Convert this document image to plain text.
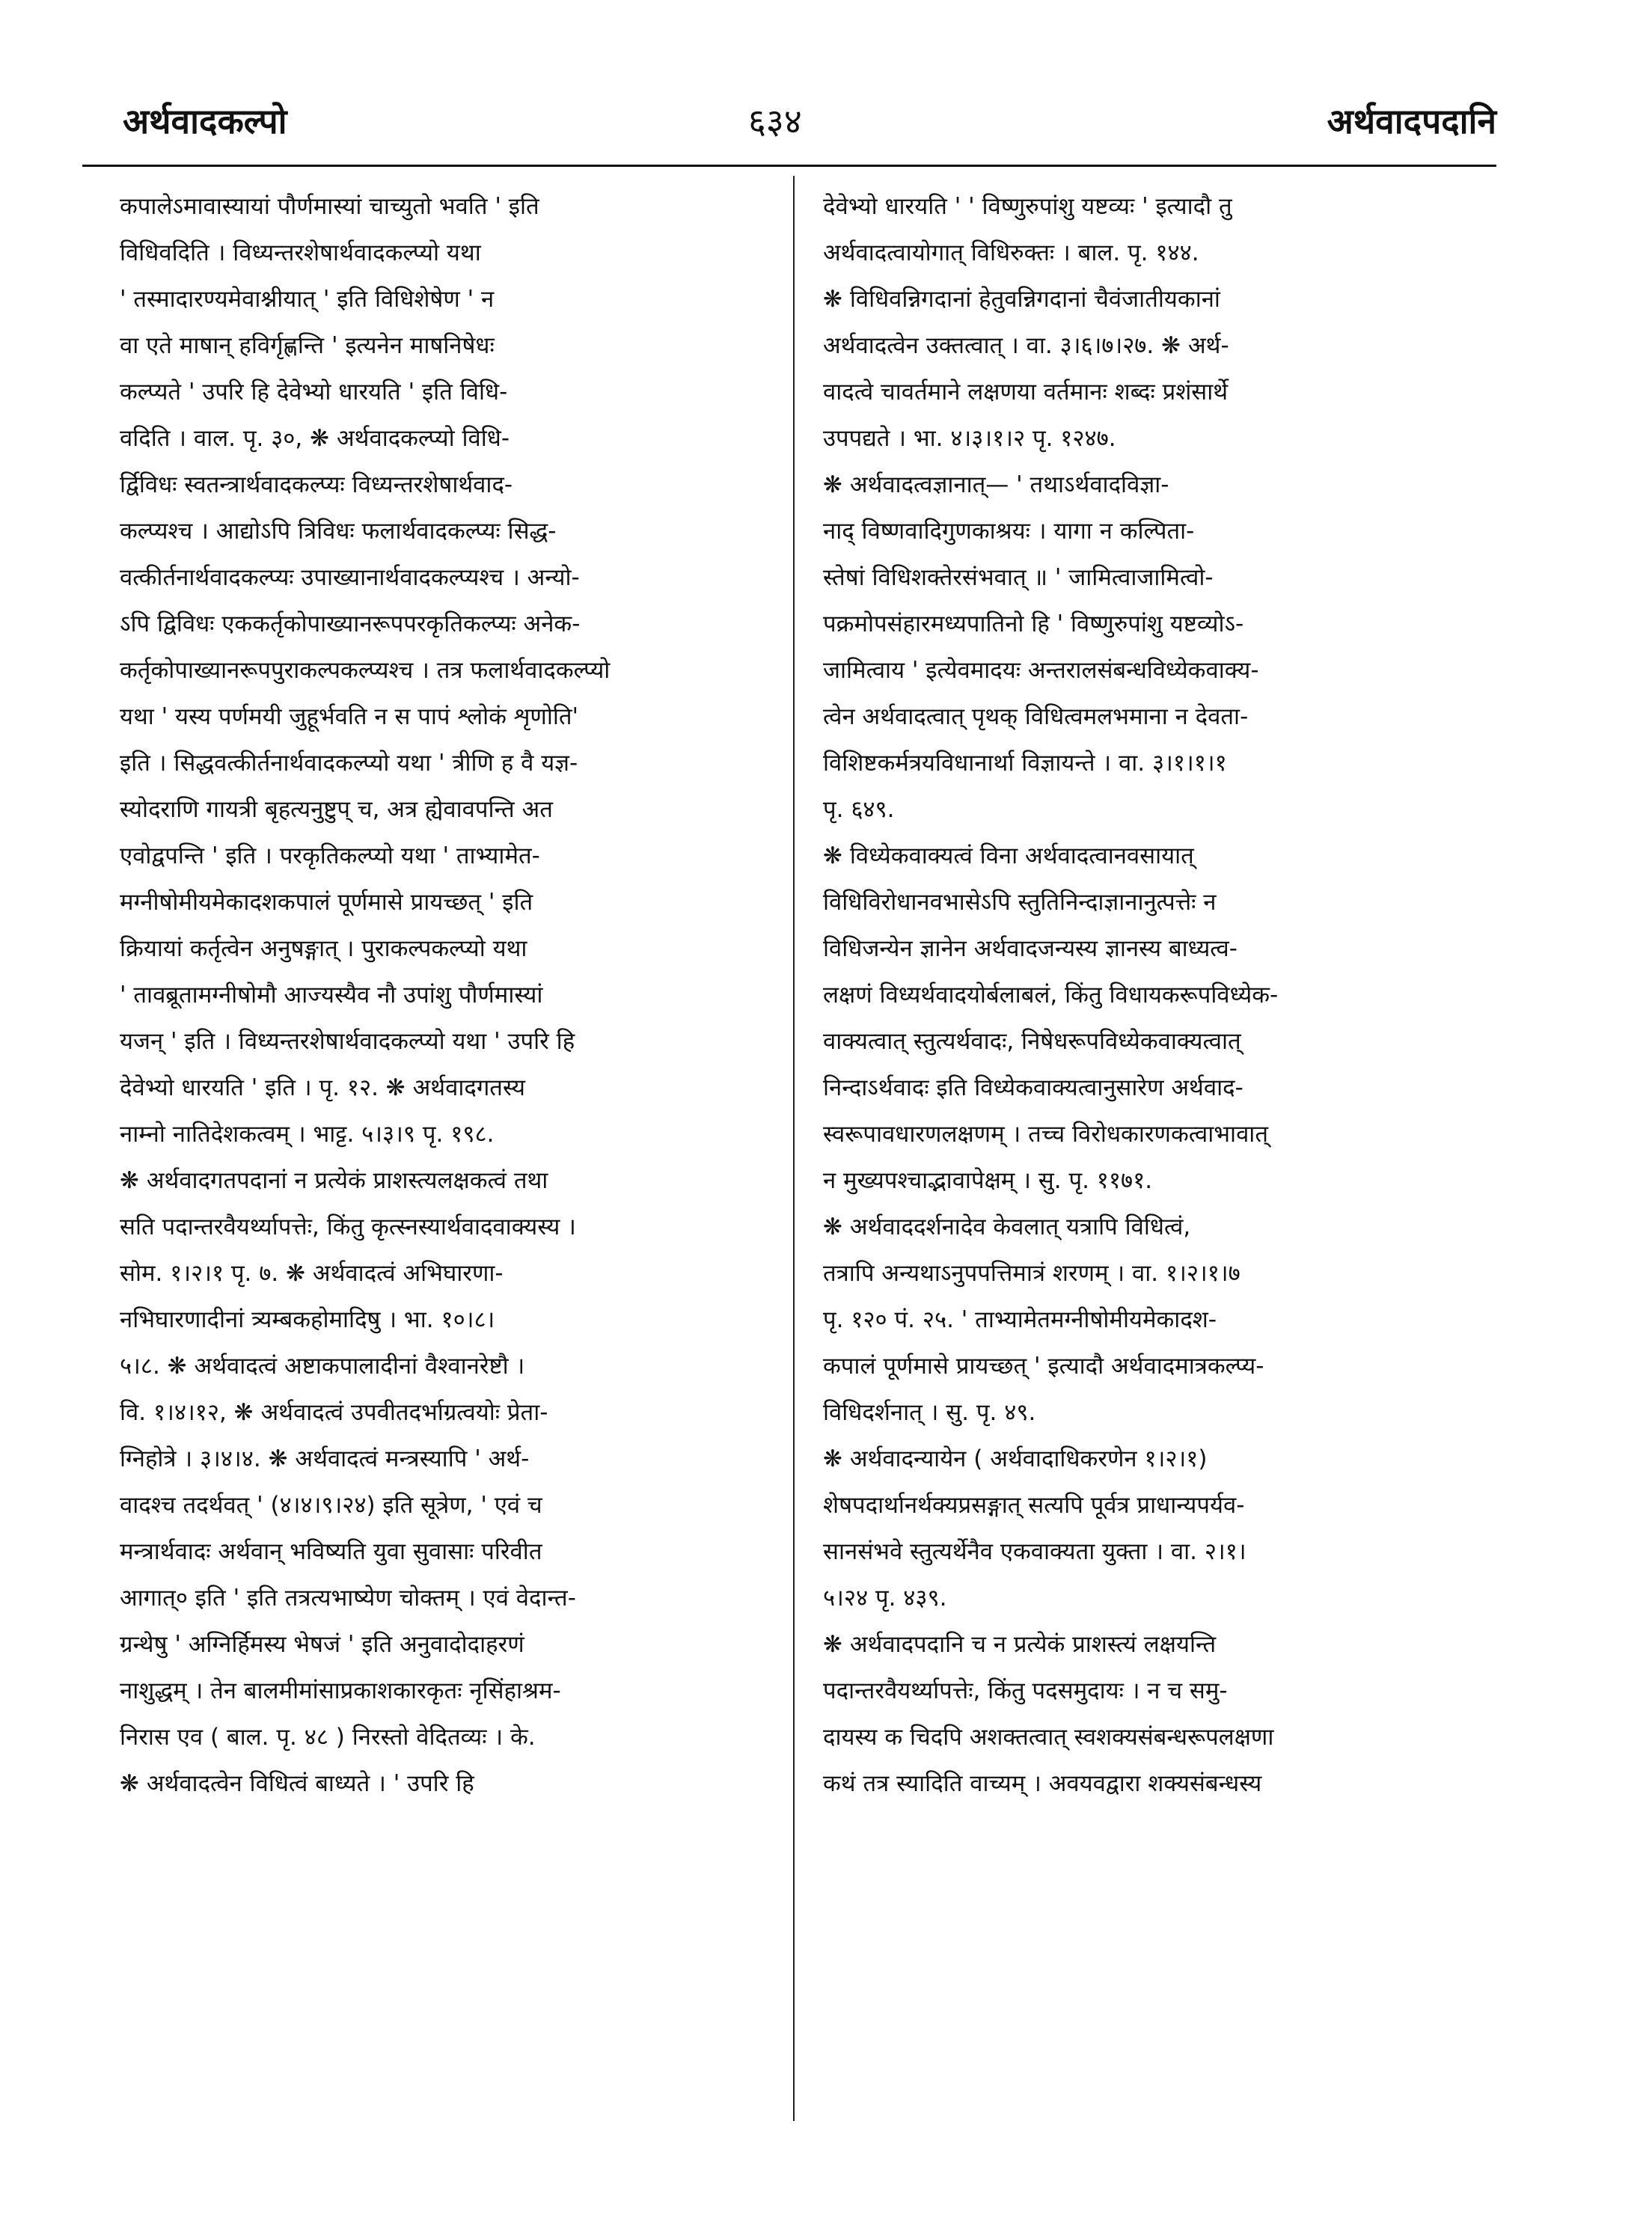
अर्थवादकल्पो	६३४	अर्थवादपदानि
कपालेऽमावास्यायां पौर्णमास्यां चाच्युतो भवति ' इति
विधिवदिति । विध्यन्तरशेषार्थवादकल्प्यो यथा
' तस्मादारण्यमेवाश्नीयात् ' इति विधिशेषेण ' न
वा एते माषान् हविर्गृह्णन्ति ' इत्यनेन माषनिषेधः
कल्प्यते ' उपरि हि देवेभ्यो धारयति ' इति विधि-
वदिति । वाल. पृ. ३०, ❋ अर्थवादकल्प्यो विधि-
र्द्विविधः स्वतन्त्रार्थवादकल्प्यः विध्यन्तरशेषार्थवाद-
कल्प्यश्च । आद्योऽपि त्रिविधः फलार्थवादकल्प्यः सिद्ध-
वत्कीर्तनार्थवादकल्प्यः उपाख्यानार्थवादकल्प्यश्च । अन्यो-
ऽपि द्विविधः एककर्तृकोपाख्यानरूपपरकृतिकल्प्यः अनेक-
कर्तृकोपाख्यानरूपपुराकल्पकल्प्यश्च । तत्र फलार्थवादकल्प्यो
यथा ' यस्य पर्णमयी जुहूर्भवति न स पापं श्लोकं शृणोति'
इति । सिद्धवत्कीर्तनार्थवादकल्प्यो यथा ' त्रीणि ह वै यज्ञ-
स्योदराणि गायत्री बृहत्यनुष्टुप् च, अत्र ह्येवावपन्ति अत
एवोद्वपन्ति ' इति । परकृतिकल्प्यो यथा ' ताभ्यामेत-
मग्नीषोमीयमेकादशकपालं पूर्णमासे प्रायच्छत् ' इति
क्रियायां कर्तृत्वेन अनुषङ्गात् । पुराकल्पकल्प्यो यथा
' तावब्रूतामग्नीषोमौ आज्यस्यैव नौ उपांशु पौर्णमास्यां
यजन् ' इति । विध्यन्तरशेषार्थवादकल्प्यो यथा ' उपरि हि
देवेभ्यो धारयति ' इति । पृ. १२. ❋ अर्थवादगतस्य
नाम्नो नातिदेशकत्वम् । भाट्ट. ५।३।९ पृ. १९८.
❋ अर्थवादगतपदानां न प्रत्येकं प्राशस्त्यलक्षकत्वं तथा
सति पदान्तरवैयर्थ्यापत्तेः, किंतु कृत्स्नस्यार्थवादवाक्यस्य ।
सोम. १।२।१ पृ. ७. ❋ अर्थवादत्वं अभिघारणा-
नभिघारणादीनां त्र्यम्बकहोमादिषु । भा. १०।८।
५।८. ❋ अर्थवादत्वं अष्टाकपालादीनां वैश्वानरेष्टौ ।
वि. १।४।१२, ❋ अर्थवादत्वं उपवीतदर्भाग्रत्वयोः प्रेता-
ग्निहोत्रे । ३।४।४. ❋ अर्थवादत्वं मन्त्रस्यापि ' अर्थ-
वादश्च तदर्थवत् ' (४।४।९।२४) इति सूत्रेण, ' एवं च
मन्त्रार्थवादः अर्थवान् भविष्यति युवा सुवासाः परिवीत
आगात्० इति ' इति तत्रत्यभाष्येण चोक्तम् । एवं वेदान्त-
ग्रन्थेषु ' अग्निर्हिमस्य भेषजं ' इति अनुवादोदाहरणं
नाशुद्धम् । तेन बालमीमांसाप्रकाशकारकृतः नृसिंहाश्रम-
निरास एव ( बाल. पृ. ४८ ) निरस्तो वेदितव्यः । के.
❋ अर्थवादत्वेन विधित्वं बाध्यते । ' उपरि हि
देवेभ्यो धारयति ' ' विष्णुरुपांशु यष्टव्यः ' इत्यादौ तु
अर्थवादत्वायोगात् विधिरुक्तः । बाल. पृ. १४४.
❋ विधिवन्निगदानां हेतुवन्निगदानां चैवंजातीयकानां
अर्थवादत्वेन उक्तत्वात् । वा. ३।६।७।२७. ❋ अर्थ-
वादत्वे चावर्तमाने लक्षणया वर्तमानः शब्दः प्रशंसार्थे
उपपद्यते । भा. ४।३।१।२ पृ. १२४७.
❋ अर्थवादत्वज्ञानात्— ' तथाऽर्थवादविज्ञा-
नाद् विष्णवादिगुणकाश्रयः । यागा न कल्पिता-
स्तेषां विधिशक्तेरसंभवात् ॥ ' जामित्वाजामित्वो-
पक्रमोपसंहारमध्यपातिनो हि ' विष्णुरुपांशु यष्टव्योऽ-
जामित्वाय ' इत्येवमादयः अन्तरालसंबन्धविध्येकवाक्य-
त्वेन अर्थवादत्वात् पृथक् विधित्वमलभमाना न देवता-
विशिष्टकर्मत्रयविधानार्था विज्ञायन्ते । वा. ३।१।१।१
पृ. ६४९.
❋ विध्येकवाक्यत्वं विना अर्थवादत्वानवसायात्
विधिविरोधानवभासेऽपि स्तुतिनिन्दाज्ञानानुत्पत्तेः न
विधिजन्येन ज्ञानेन अर्थवादजन्यस्य ज्ञानस्य बाध्यत्व-
लक्षणं विध्यर्थवादयोर्बलाबलं, किंतु विधायकरूपविध्येक-
वाक्यत्वात् स्तुत्यर्थवादः, निषेधरूपविध्येकवाक्यत्वात्
निन्दाऽर्थवादः इति विध्येकवाक्यत्वानुसारेण अर्थवाद-
स्वरूपावधारणलक्षणम् । तच्च विरोधकारणकत्वाभावात्
न मुख्यपश्चाद्भावापेक्षम् । सु. पृ. ११७१.
❋ अर्थवाददर्शनादेव केवलात् यत्रापि विधित्वं,
तत्रापि अन्यथाऽनुपपत्तिमात्रं शरणम् । वा. १।२।१।७
पृ. १२० पं. २५. ' ताभ्यामेतमग्नीषोमीयमेकादश-
कपालं पूर्णमासे प्रायच्छत् ' इत्यादौ अर्थवादमात्रकल्प्य-
विधिदर्शनात् । सु. पृ. ४९.
❋ अर्थवादन्यायेन ( अर्थवादाधिकरणेन १।२।१)
शेषपदार्थानर्थक्यप्रसङ्गात् सत्यपि पूर्वत्र प्राधान्यपर्यव-
सानसंभवे स्तुत्यर्थेनैव एकवाक्यता युक्ता । वा. २।१।
५।२४ पृ. ४३९.
❋ अर्थवादपदानि च न प्रत्येकं प्राशस्त्यं लक्षयन्ति
पदान्तरवैयर्थ्यापत्तेः, किंतु पदसमुदायः । न च समु-
दायस्य क चिदपि अशक्तत्वात् स्वशक्यसंबन्धरूपलक्षणा
कथं तत्र स्यादिति वाच्यम् । अवयवद्वारा शक्यसंबन्धस्य
